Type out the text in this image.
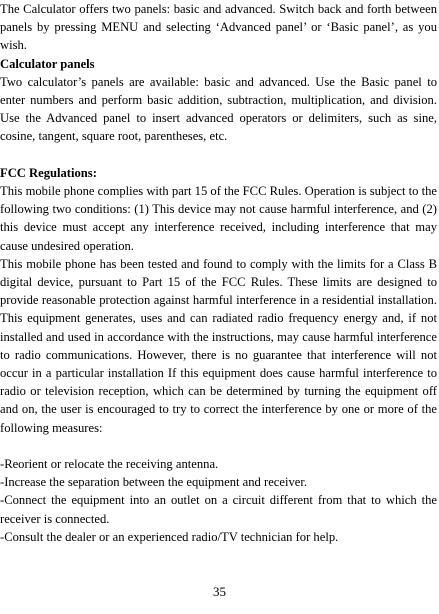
The Calculator offers two panels: basic and advanced. Switch back and forth between panels by pressing MENU and selecting ‘Advanced panel’ or ‘Basic panel’, as you wish.

Calculator panels

Two calculator’s panels are available: basic and advanced. Use the Basic panel to enter numbers and perform basic addition, subtraction, multiplication, and division. Use the Advanced panel to insert advanced operators or delimiters, such as sine, cosine, tangent, square root, parentheses, etc.

FCC Regulations:

This mobile phone complies with part 15 of the FCC Rules. Operation is subject to the following two conditions: (1) This device may not cause harmful interference, and (2) this device must accept any interference received, including interference that may cause undesired operation.

This mobile phone has been tested and found to comply with the limits for a Class B digital device, pursuant to Part 15 of the FCC Rules. These limits are designed to provide reasonable protection against harmful interference in a residential installation. This equipment generates, uses and can radiated radio frequency energy and, if not installed and used in accordance with the instructions, may cause harmful interference to radio communications. However, there is no guarantee that interference will not occur in a particular installation If this equipment does cause harmful interference to radio or television reception, which can be determined by turning the equipment off and on, the user is encouraged to try to correct the interference by one or more of the following measures:

-Reorient or relocate the receiving antenna.

-Increase the separation between the equipment and receiver.

-Connect the equipment into an outlet on a circuit different from that to which the receiver is connected.

-Consult the dealer or an experienced radio/TV technician for help.

35
